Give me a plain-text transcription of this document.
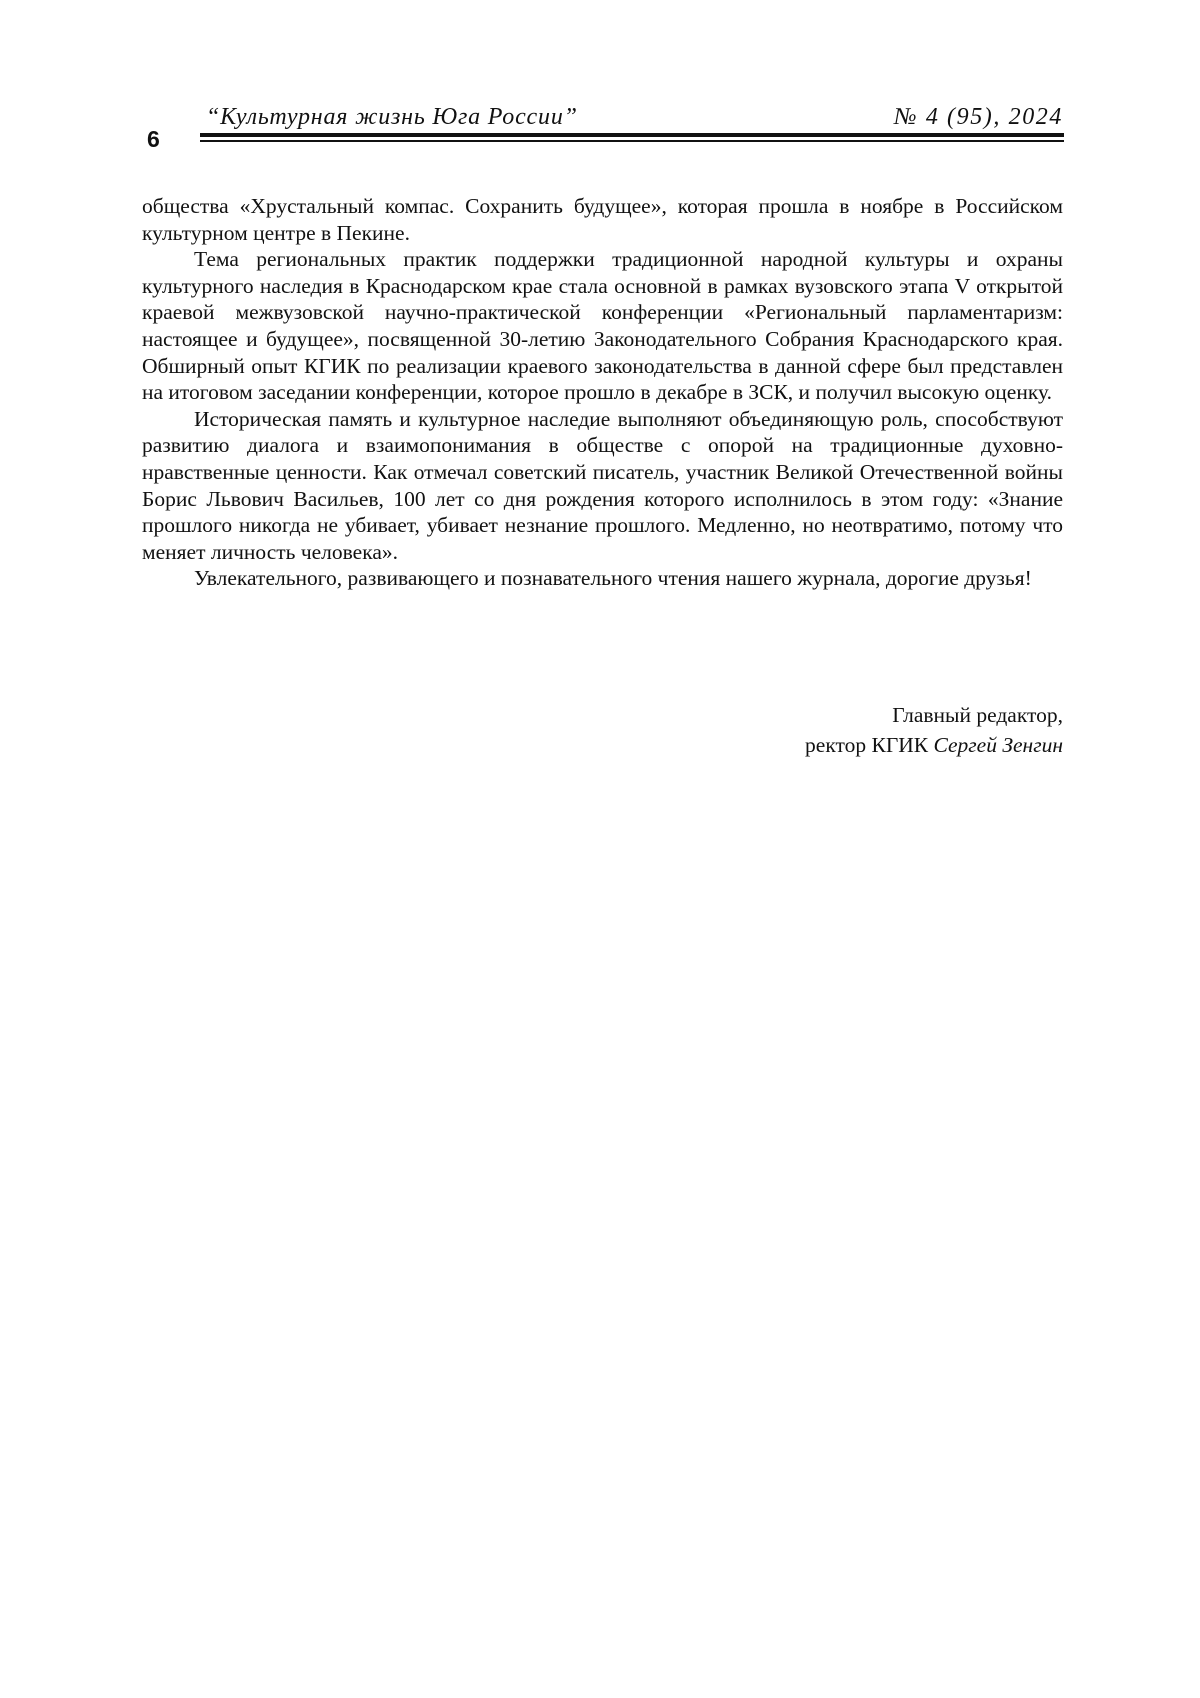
6
“Культурная жизнь Юга России”	№ 4 (95), 2024

общества «Хрустальный компас. Сохранить будущее», которая прошла в ноябре в Российском культурном центре в Пекине.

Тема региональных практик поддержки традиционной народной культуры и охраны культурного наследия в Краснодарском крае стала основной в рамках вузовского этапа V открытой краевой межвузовской научно-практической конференции «Региональный парламентаризм: настоящее и будущее», посвященной 30-летию Законодательного Собрания Краснодарского края. Обширный опыт КГИК по реализации краевого законодательства в данной сфере был представлен на итоговом заседании конференции, которое прошло в декабре в ЗСК, и получил высокую оценку.

Историческая память и культурное наследие выполняют объединяющую роль, способствуют развитию диалога и взаимопонимания в обществе с опорой на традиционные духовно-нравственные ценности. Как отмечал советский писатель, участник Великой Отечественной войны Борис Львович Васильев, 100 лет со дня рождения которого исполнилось в этом году: «Знание прошлого никогда не убивает, убивает незнание прошлого. Медленно, но неотвратимо, потому что меняет личность человека».

Увлекательного, развивающего и познавательного чтения нашего журнала, дорогие друзья!

Главный редактор,
ректор КГИК Сергей Зенгин
